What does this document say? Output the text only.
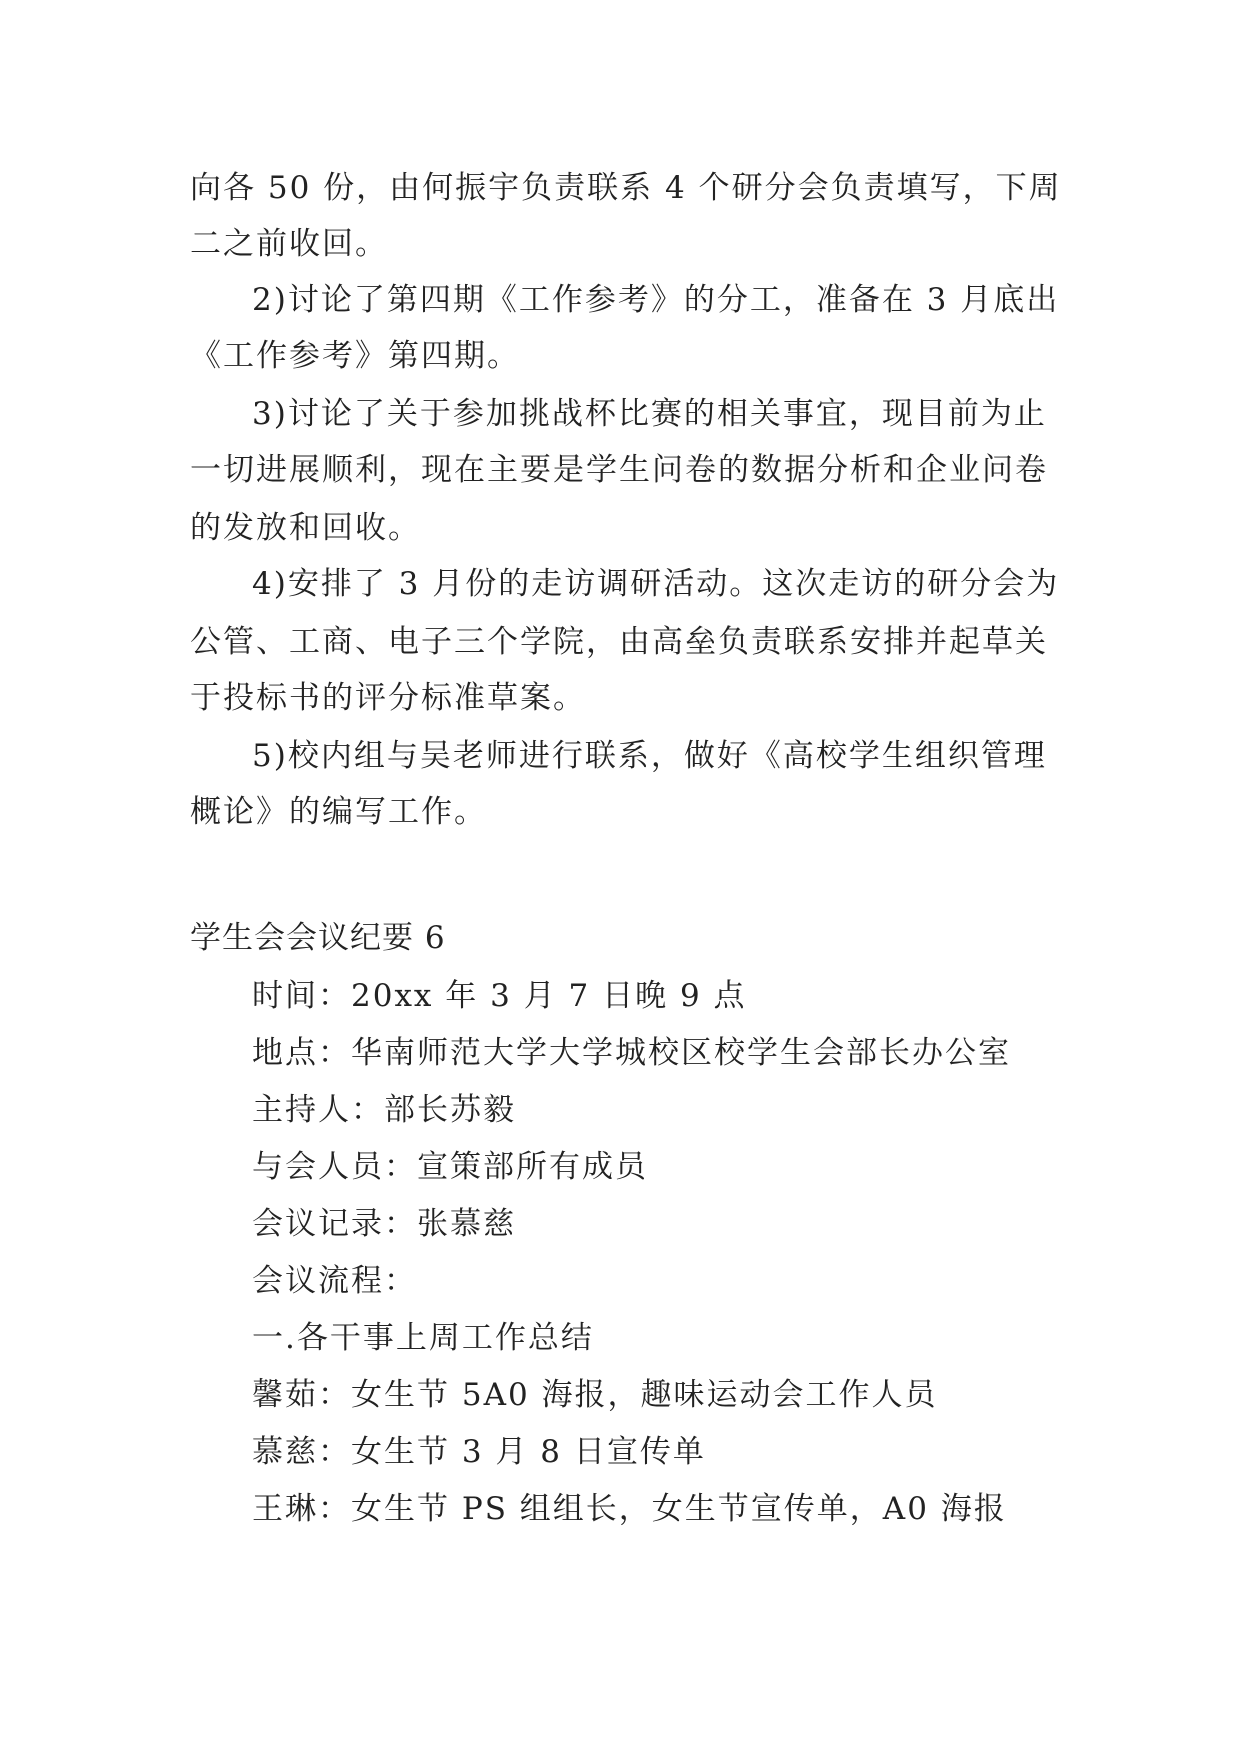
向各 50 份，由何振宇负责联系 4 个研分会负责填写，下周
二之前收回。
2)讨论了第四期《工作参考》的分工，准备在 3 月底出
《工作参考》第四期。
3)讨论了关于参加挑战杯比赛的相关事宜，现目前为止
一切进展顺利，现在主要是学生问卷的数据分析和企业问卷
的发放和回收。
4)安排了 3 月份的走访调研活动。这次走访的研分会为
公管、工商、电子三个学院，由高垒负责联系安排并起草关
于投标书的评分标准草案。
5)校内组与吴老师进行联系，做好《高校学生组织管理
概论》的编写工作。
学生会会议纪要 6
时间：20xx 年 3 月 7 日晚 9 点
地点：华南师范大学大学城校区校学生会部长办公室
主持人：部长苏毅
与会人员：宣策部所有成员
会议记录：张慕慈
会议流程：
一.各干事上周工作总结
馨茹：女生节 5A0 海报，趣味运动会工作人员
慕慈：女生节 3 月 8 日宣传单
王琳：女生节 PS 组组长，女生节宣传单，A0 海报
